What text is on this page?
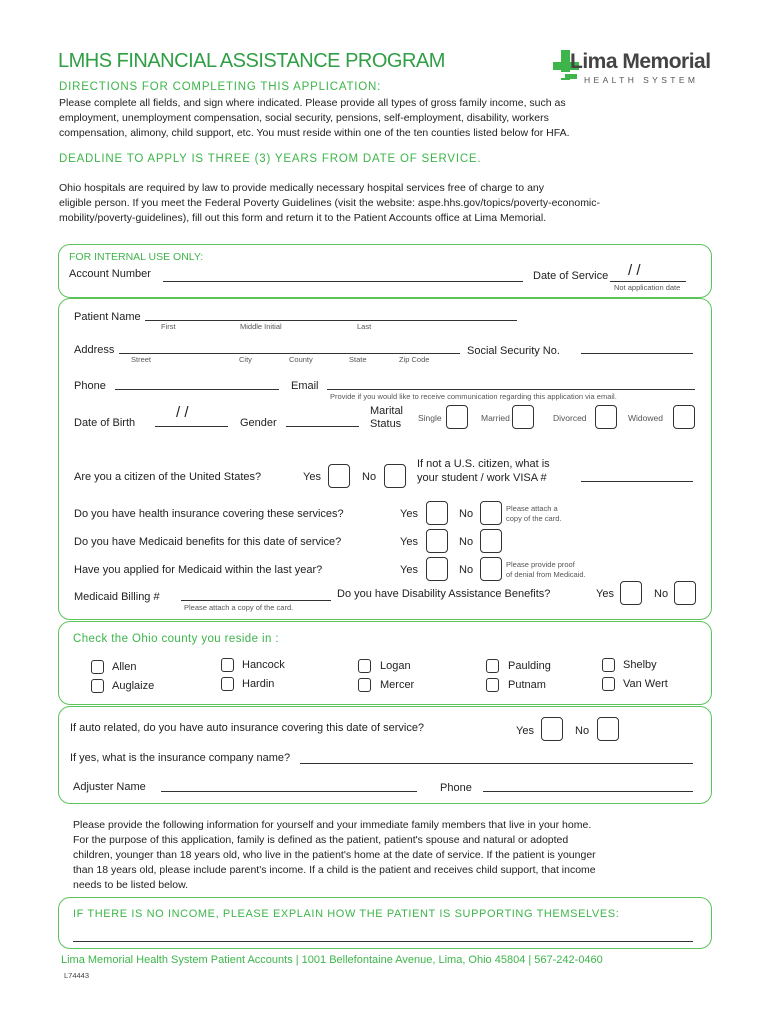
LMHS FINANCIAL ASSISTANCE PROGRAM	Lima Memorial
HEALTH SYSTEM
DIRECTIONS FOR COMPLETING THIS APPLICATION:
Please complete all fields, and sign where indicated. Please provide all types of gross family income, such as
employment, unemployment compensation, social security, pensions, self-employment, disability, workers
compensation, alimony, child support, etc. You must reside within one of the ten counties listed below for HFA.
DEADLINE TO APPLY IS THREE (3) YEARS FROM DATE OF SERVICE.
Ohio hospitals are required by law to provide medically necessary hospital services free of charge to any
eligible person. If you meet the Federal Poverty Guidelines (visit the website: aspe.hhs.gov/topics/poverty-economic-
mobility/poverty-guidelines), fill out this form and return it to the Patient Accounts office at Lima Memorial.
FOR INTERNAL USE ONLY:
Account Number	Date of Service / /
Not application date
Patient Name
First	Middle Initial	Last
Address
Street	City	County	State	Zip Code
Social Security No.
Phone	Email
Provide if you would like to receive communication regarding this application via email.
Date of Birth
/ /
Gender
Marital
Status Single	Married	Divorced	Widowed
Are you a citizen of the United States?	Yes	No
If not a U.S. citizen, what is
your student / work VISA #
Do you have health insurance covering these services?	Yes	No	Please attach a
copy of the card.
Do you have Medicaid benefits for this date of service?	Yes	No
Have you applied for Medicaid within the last year?	Yes	No	Please provide proof
of denial from Medicaid.
Medicaid Billing #
Please attach a copy of the card.
Do you have Disability Assistance Benefits?	Yes	No
Check the Ohio county you reside in :
Allen
Auglaize
Hancock
Hardin
Logan
Mercer
Paulding
Putnam
Shelby
Van Wert
If auto related, do you have auto insurance covering this date of service?	Yes	No
If yes, what is the insurance company name?
Adjuster Name	Phone
Please provide the following information for yourself and your immediate family members that live in your home.
For the purpose of this application, family is defined as the patient, patient's spouse and natural or adopted
children, younger than 18 years old, who live in the patient's home at the date of service. If the patient is younger
than 18 years old, please include parent's income. If a child is the patient and receives child support, that income
needs to be listed below.
IF THERE IS NO INCOME, PLEASE EXPLAIN HOW THE PATIENT IS SUPPORTING THEMSELVES:
Lima Memorial Health System Patient Accounts | 1001 Bellefontaine Avenue, Lima, Ohio 45804 | 567-242-0460
L74443
